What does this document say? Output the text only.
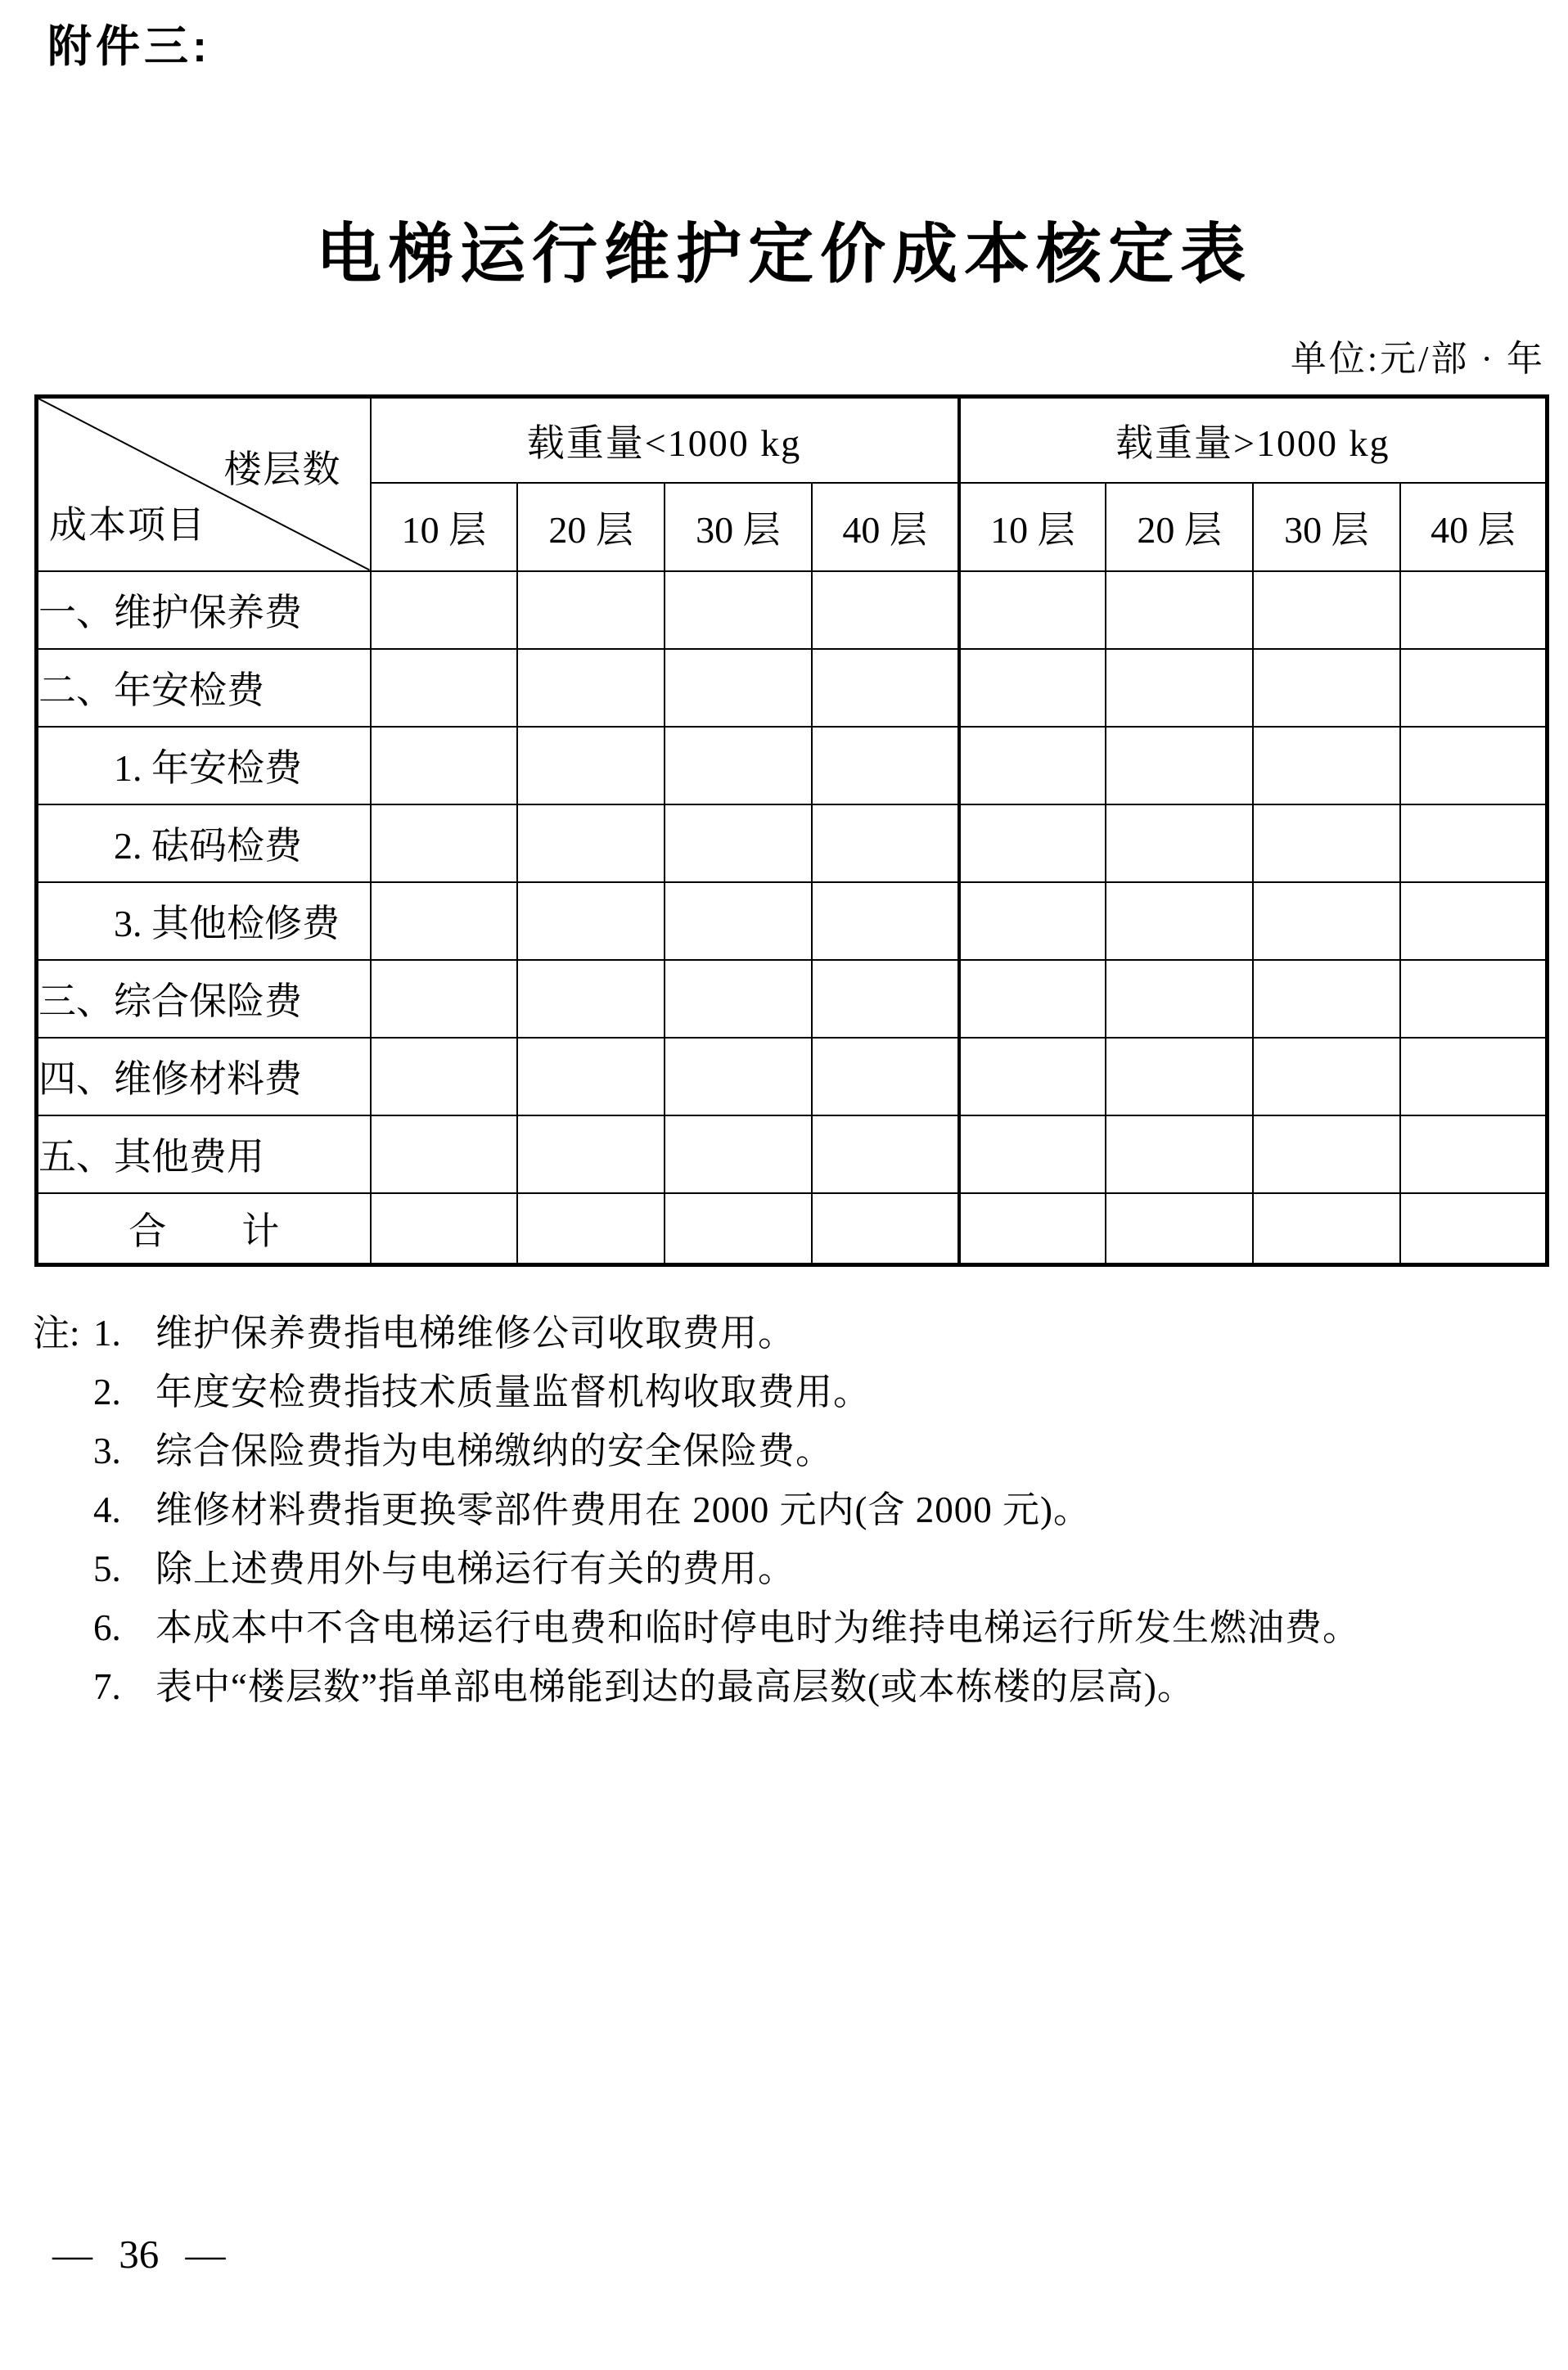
附件三:
电梯运行维护定价成本核定表
单位:元/部 · 年
楼层数
成本项目	载重量<1000 kg				载重量>1000 kg			
	10 层	20 层	30 层	40 层	10 层	20 层	30 层	40 层
一、维护保养费								
二、年安检费								
1. 年安检费								
2. 砝码检费								
3. 其他检修费								
三、综合保险费								
四、维修材料费								
五、其他费用								
合　　计								
注: 1. 维护保养费指电梯维修公司收取费用。
2. 年度安检费指技术质量监督机构收取费用。
3. 综合保险费指为电梯缴纳的安全保险费。
4. 维修材料费指更换零部件费用在 2000 元内(含 2000 元)。
5. 除上述费用外与电梯运行有关的费用。
6. 本成本中不含电梯运行电费和临时停电时为维持电梯运行所发生燃油费。
7. 表中“楼层数”指单部电梯能到达的最高层数(或本栋楼的层高)。
— 36 —
